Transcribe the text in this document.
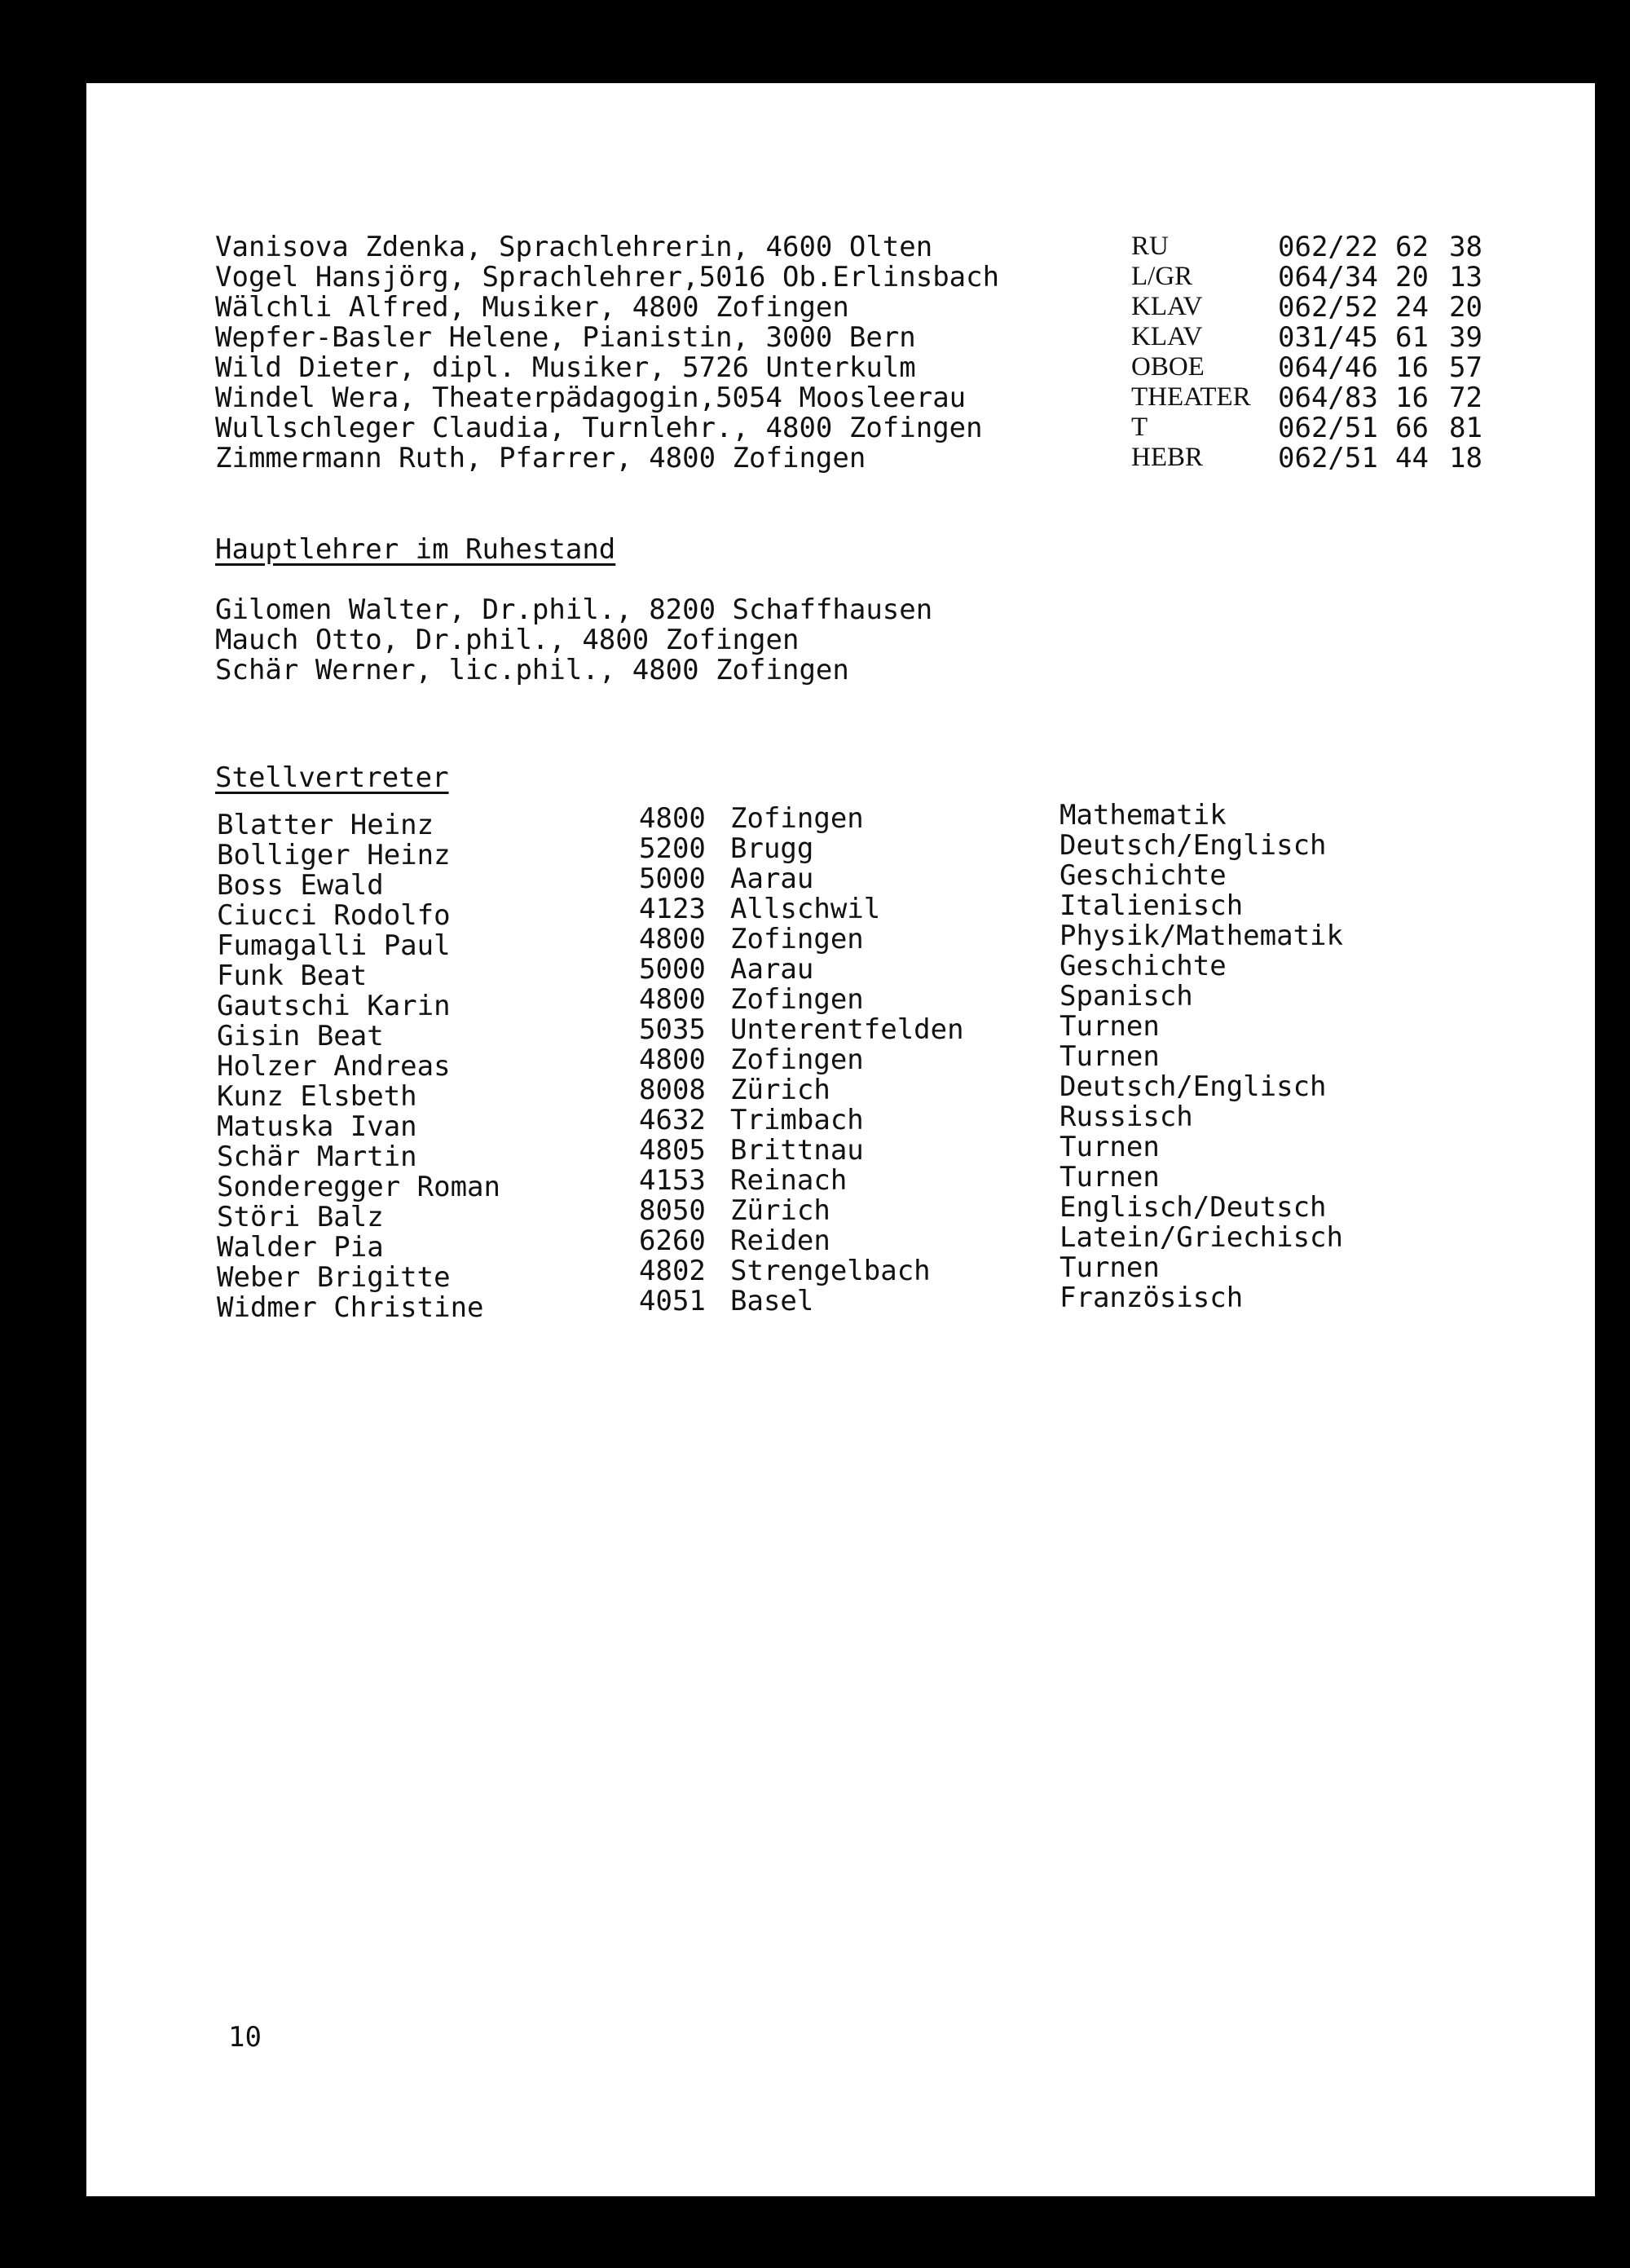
Vanisova Zdenka, Sprachlehrerin, 4600 Olten	RU	062/22 62 38
Vogel Hansjörg, Sprachlehrer,5016 Ob.Erlinsbach	L/GR	064/34 20 13
Wälchli Alfred, Musiker, 4800 Zofingen	KLAV	062/52 24 20
Wepfer-Basler Helene, Pianistin, 3000 Bern	KLAV	031/45 61 39
Wild Dieter, dipl. Musiker, 5726 Unterkulm	OBOE	064/46 16 57
Windel Wera, Theaterpädagogin,5054 Moosleerau	THEATER 064/83 16 72
Wullschleger Claudia, Turnlehr., 4800 Zofingen	T	062/51 66 81
Zimmermann Ruth, Pfarrer, 4800 Zofingen	HEBR	062/51 44 18
Hauptlehrer im Ruhestand
Gilomen Walter, Dr.phil., 8200 Schaffhausen
Mauch Otto, Dr.phil., 4800 Zofingen
Schär Werner, lic.phil., 4800 Zofingen
Stellvertreter
Blatter Heinz	4800 Zofingen	Mathematik
Bolliger Heinz	5200 Brugg	Deutsch/Englisch
Boss Ewald	5000 Aarau	Geschichte
Ciucci Rodolfo	4123 Allschwil	Italienisch
Fumagalli Paul	4800 Zofingen	Physik/Mathematik
Funk Beat	5000 Aarau	Geschichte
Gautschi Karin	4800 Zofingen	Spanisch
Gisin Beat	5035 Unterentfelden	Turnen
Holzer Andreas	4800 Zofingen	Turnen
Kunz Elsbeth	8008 Zürich	Deutsch/Englisch
Matuska Ivan	4632 Trimbach	Russisch
Schär Martin	4805 Brittnau	Turnen
Sonderegger Roman	4153 Reinach	Turnen
Störi Balz	8050 Zürich	Englisch/Deutsch
Walder Pia	6260 Reiden	Latein/Griechisch
Weber Brigitte	4802 Strengelbach	Turnen
Widmer Christine	4051 Basel	Französisch
10
